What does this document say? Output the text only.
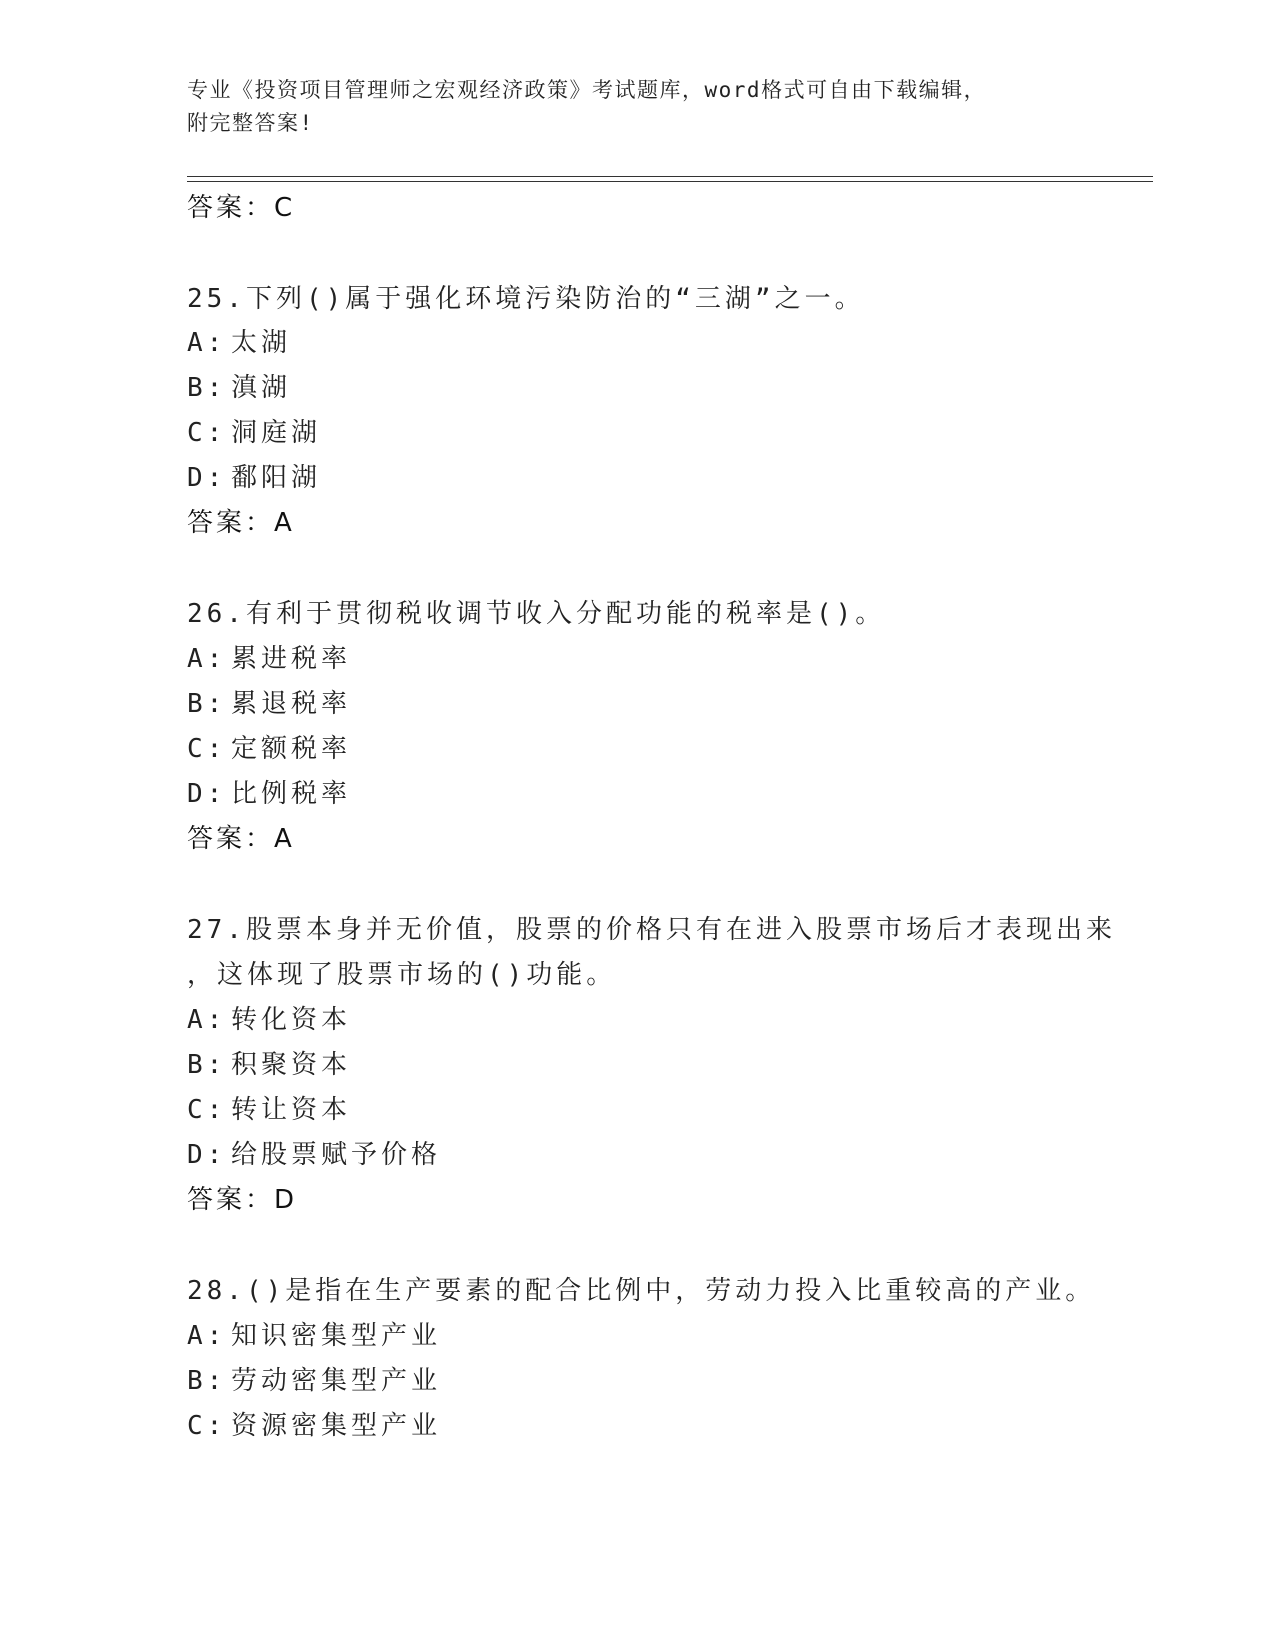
专业《投资项目管理师之宏观经济政策》考试题库，word格式可自由下载编辑，
附完整答案!
答案：C
25.下列()属于强化环境污染防治的“三湖”之一。
A: 太湖
B: 滇湖
C: 洞庭湖
D: 鄱阳湖
答案：A
26.有利于贯彻税收调节收入分配功能的税率是()。
A: 累进税率
B: 累退税率
C: 定额税率
D: 比例税率
答案：A
27.股票本身并无价值，股票的价格只有在进入股票市场后才表现出来
，这体现了股票市场的()功能。
A: 转化资本
B: 积聚资本
C: 转让资本
D: 给股票赋予价格
答案：D
28.()是指在生产要素的配合比例中，劳动力投入比重较高的产业。
A: 知识密集型产业
B: 劳动密集型产业
C: 资源密集型产业
